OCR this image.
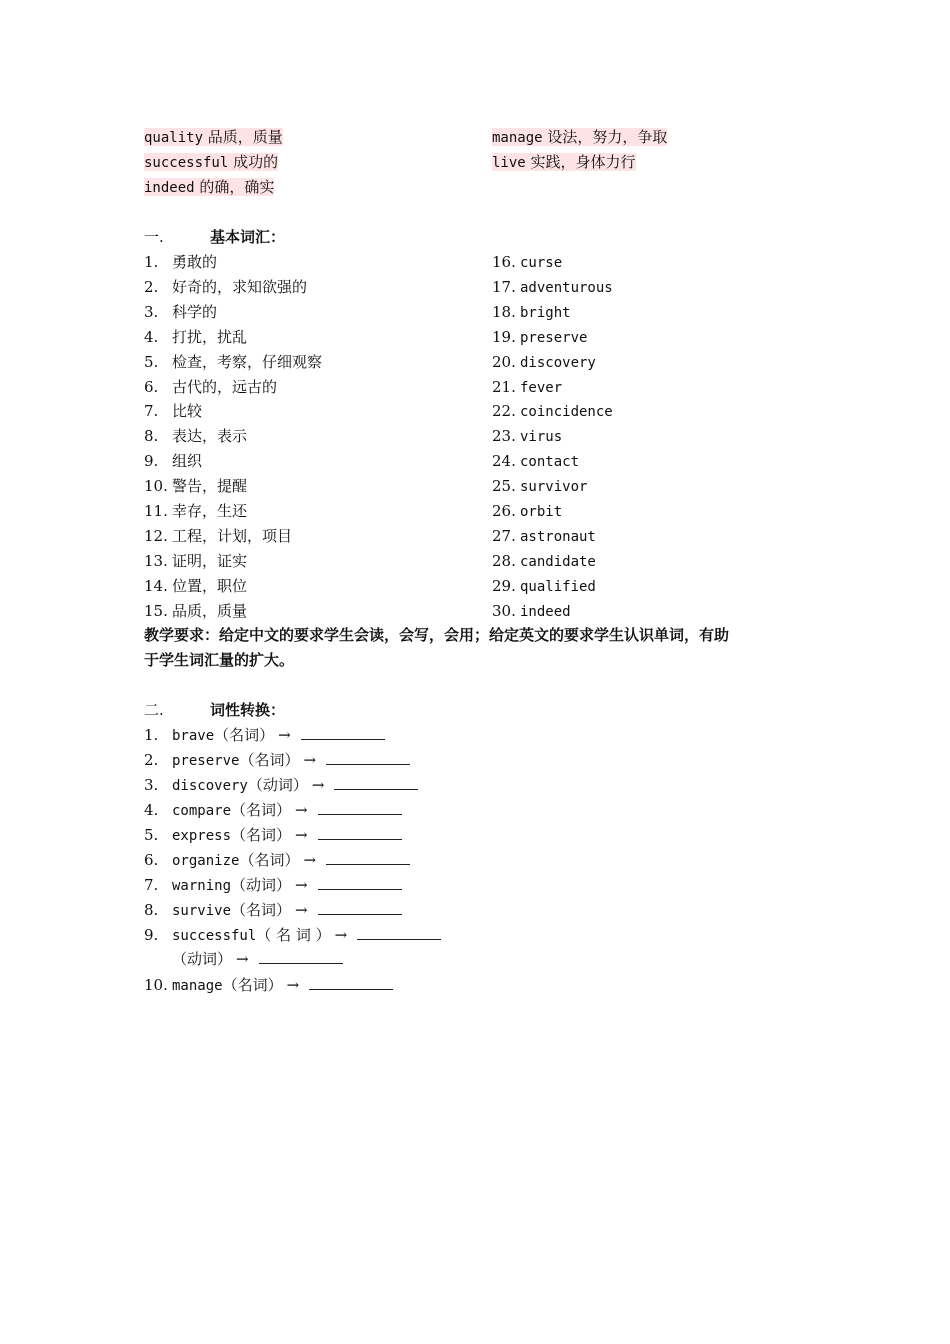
quality 品质，质量
successful 成功的
indeed 的确，确实
manage 设法，努力，争取
live 实践，身体力行
一.	基本词汇：
教学要求：给定中文的要求学生会读，会写，会用；给定英文的要求学生认识单词，有助
于学生词汇量的扩大。
二.	词性转换：
1. 勇敢的
2. 好奇的，求知欲强的
3. 科学的
4. 打扰，扰乱
5. 检查，考察，仔细观察
6. 古代的，远古的
7. 比较
8. 表达，表示
9. 组织
10. 警告，提醒
11. 幸存，生还
12. 工程，计划，项目
13. 证明，证实
14. 位置，职位
15. 品质，质量
16. curse
17. adventurous
18. bright
19. preserve
20. discovery
21. fever
22. coincidence
23. virus
24. contact
25. survivor
26. orbit
27. astronaut
28. candidate
29. qualified
30. indeed
1. brave（名词） →
2. preserve（名词） →
3. discovery（动词） →
4. compare（名词） →
5. express（名词） →
6. organize（名词） →
7. warning（动词） →
8. survive（名词） →
9. successful（ 名 词 ） →
（动词） →
10. manage（名词） →
